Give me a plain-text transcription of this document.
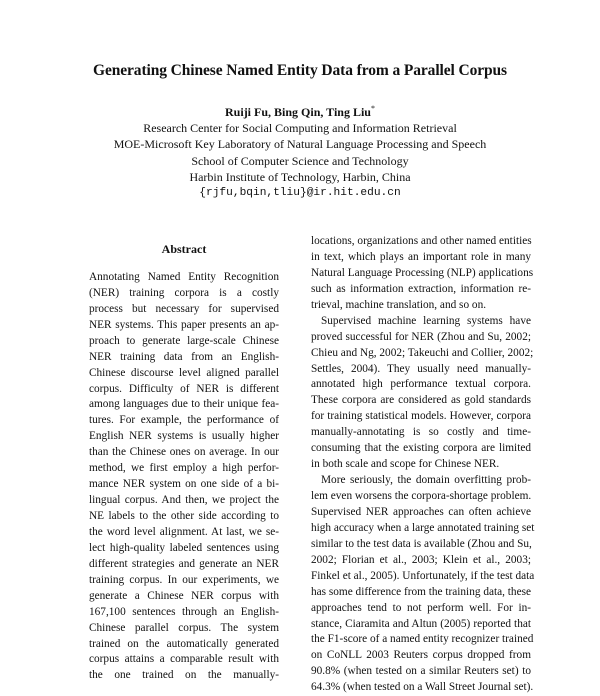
Generating Chinese Named Entity Data from a Parallel Corpus
Ruiji Fu, Bing Qin, Ting Liu*
Research Center for Social Computing and Information Retrieval
MOE-Microsoft Key Laboratory of Natural Language Processing and Speech
School of Computer Science and Technology
Harbin Institute of Technology, Harbin, China
{rjfu,bqin,tliu}@ir.hit.edu.cn
Abstract
Annotating Named Entity Recognition
(NER) training corpora is a costly
process but necessary for supervised
NER systems. This paper presents an ap-
proach to generate large-scale Chinese
NER training data from an English-
Chinese discourse level aligned parallel
corpus. Difficulty of NER is different
among languages due to their unique fea-
tures. For example, the performance of
English NER systems is usually higher
than the Chinese ones on average. In our
method, we first employ a high perfor-
mance NER system on one side of a bi-
lingual corpus. And then, we project the
NE labels to the other side according to
the word level alignment. At last, we se-
lect high-quality labeled sentences using
different strategies and generate an NER
training corpus. In our experiments, we
generate a Chinese NER corpus with
167,100 sentences through an English-
Chinese parallel corpus. The system
trained on the automatically generated
corpus attains a comparable result with
the one trained on the manually-
locations, organizations and other named entities
in text, which plays an important role in many
Natural Language Processing (NLP) applications
such as information extraction, information re-
trieval, machine translation, and so on.
Supervised machine learning systems have
proved successful for NER (Zhou and Su, 2002;
Chieu and Ng, 2002; Takeuchi and Collier, 2002;
Settles, 2004). They usually need manually-
annotated high performance textual corpora.
These corpora are considered as gold standards
for training statistical models. However, corpora
manually-annotating is so costly and time-
consuming that the existing corpora are limited
in both scale and scope for Chinese NER.
More seriously, the domain overfitting prob-
lem even worsens the corpora-shortage problem.
Supervised NER approaches can often achieve
high accuracy when a large annotated training set
similar to the test data is available (Zhou and Su,
2002; Florian et al., 2003; Klein et al., 2003;
Finkel et al., 2005). Unfortunately, if the test data
has some difference from the training data, these
approaches tend to not perform well. For in-
stance, Ciaramita and Altun (2005) reported that
the F1-score of a named entity recognizer trained
on CoNLL 2003 Reuters corpus dropped from
90.8% (when tested on a similar Reuters set) to
64.3% (when tested on a Wall Street Journal set).
